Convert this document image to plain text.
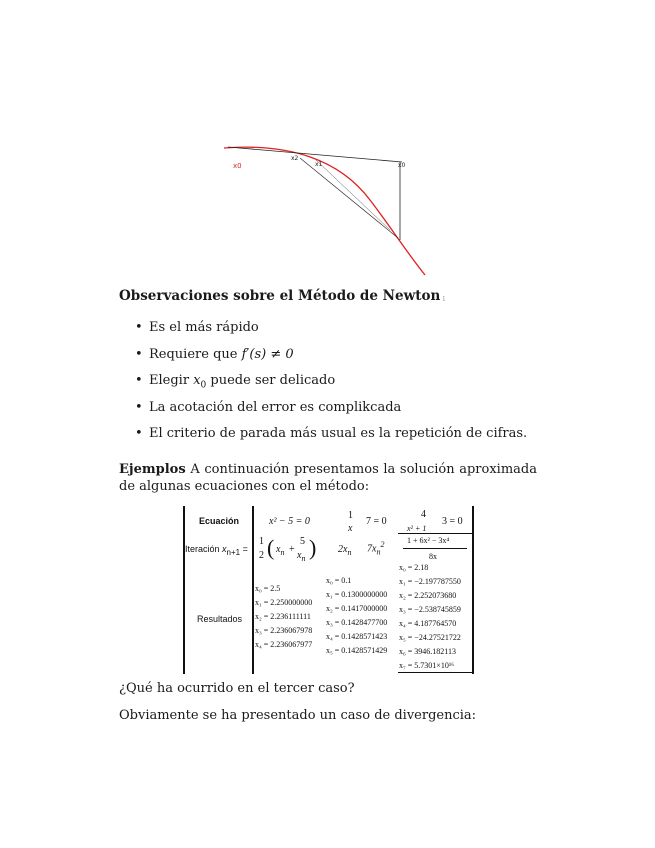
x0
x2
x1	x0
Observaciones sobre el Método de Newton 1
• Es el más rápido
• Requiere que f′(s) ≠ 0
• Elegir $x_0$ puede ser delicado
• La acotación del error es complikcada
• El criterio de parada más usual es la repetición de cifras.

Ejemplos A continuación presentamos la solución aproximada de algunas ecuaciones con el método:

Ecuación
Iteración $x_{n+1}$ =
Resultados
x² − 5 = 0
1
x
7 = 0
4
x² + 1
3 = 0
1
2 ( $x_n$ +
5
$x_n$ ) $2x_n$ $7x_n^2$	1 + 6x² − 3x⁴
8x
x₀ = 2.5
x₁ = 2.250000000
x₂ = 2.236111111
x₃ = 2.236067978
x₄ = 2.236067977
x₀ = 0.1
x₁ = 0.1300000000
x₂ = 0.1417000000
x₃ = 0.1428477700
x₄ = 0.1428571423
x₅ = 0.1428571429
x₀ = 2.18
x₁ = −2.197787550
x₂ = 2.252073680
x₃ = −2.538745859
x₄ = 4.187764570
x₅ = −24.27521722
x₆ = 3946.182113
x₇ = 5.7301×10¹⁶

¿Qué ha ocurrido en el tercer caso?

Obviamente se ha presentado un caso de divergencia:
